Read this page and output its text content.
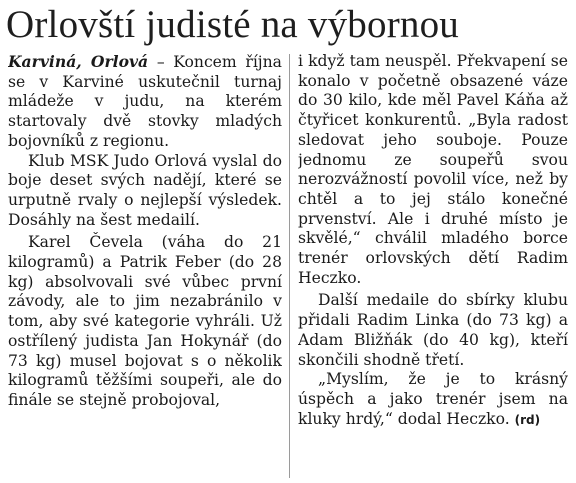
Orlovští judisté na výbornou

Karviná, Orlová – Koncem října se v Karviné uskutečnil turnaj mládeže v judu, na kterém startovaly dvě stovky mladých bojovníků z regionu.

Klub MSK Judo Orlová vyslal do boje deset svých nadějí, které se urputně rvaly o nejlepší výsledek. Dosáhly na šest medailí.

Karel Čevela (váha do 21 kilogramů) a Patrik Feber (do 28 kg) absolvovali své vůbec první závody, ale to jim nezabránilo v tom, aby své kategorie vyhráli. Už ostřílený judista Jan Hokynář (do 73 kg) musel bojovat s o několik kilogramů těžšími soupeři, ale do finále se stejně probojoval,

i když tam neuspěl. Překvapení se konalo v početně obsazené váze do 30 kilo, kde měl Pavel Káňa až čtyřicet konkurentů. „Byla radost sledovat jeho souboje. Pouze jednomu ze soupeřů svou nerozvážností povolil více, než by chtěl a to jej stálo konečné prvenství. Ale i druhé místo je skvělé,“ chválil mladého borce trenér orlovských dětí Radim Heczko.

Další medaile do sbírky klubu přidali Radim Linka (do 73 kg) a Adam Bližňák (do 40 kg), kteří skončili shodně třetí.

„Myslím, že je to krásný úspěch a jako trenér jsem na kluky hrdý,“ dodal Heczko. (rd)
